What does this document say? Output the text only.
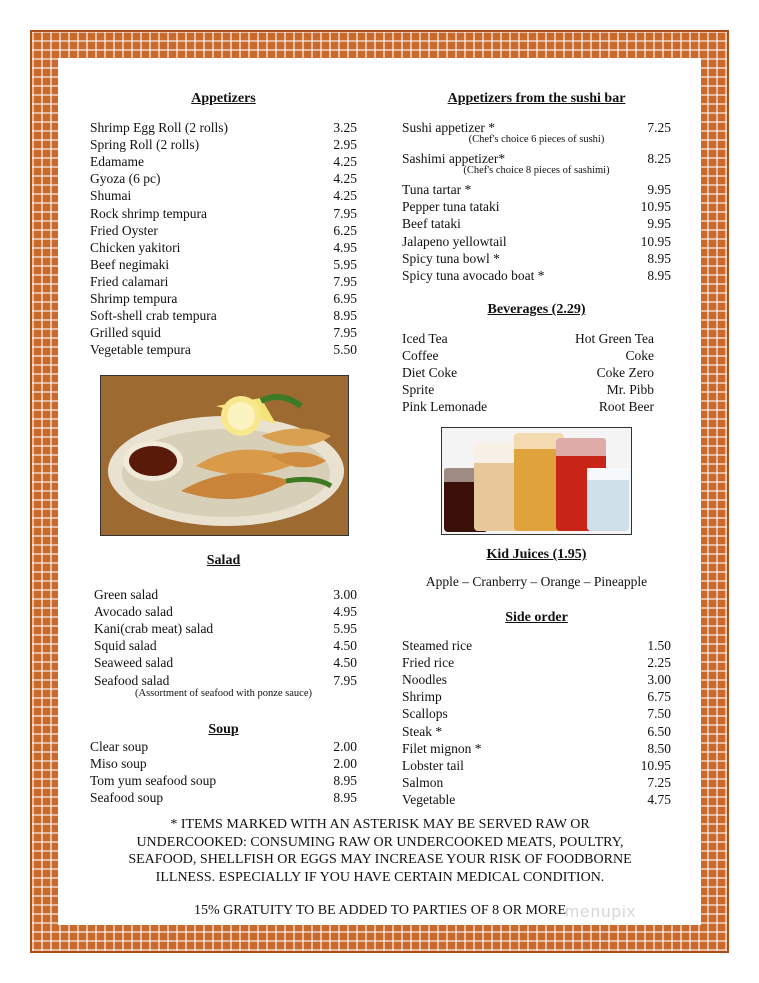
Appetizers
Shrimp Egg Roll (2 rolls)	3.25
Spring Roll (2 rolls)	2.95
Edamame	4.25
Gyoza (6 pc)	4.25
Shumai	4.25
Rock shrimp tempura	7.95
Fried Oyster	6.25
Chicken yakitori	4.95
Beef negimaki	5.95
Fried calamari	7.95
Shrimp tempura	6.95
Soft-shell crab tempura	8.95
Grilled squid	7.95
Vegetable tempura	5.50
Salad
Green salad	3.00
Avocado salad	4.95
Kani(crab meat) salad	5.95
Squid salad	4.50
Seaweed salad	4.50
Seafood salad	7.95
(Assortment of seafood with ponze sauce)
Soup
Clear soup	2.00
Miso soup	2.00
Tom yum seafood soup	8.95
Seafood soup	8.95
Appetizers from the sushi bar
Sushi appetizer *	7.25
(Chef's choice 6 pieces of sushi)
Sashimi appetizer*	8.25
(Chef's choice 8 pieces of sashimi)
Tuna tartar *	9.95
Pepper tuna tataki	10.95
Beef tataki	9.95
Jalapeno yellowtail	10.95
Spicy tuna bowl *	8.95
Spicy tuna avocado boat *	8.95
Beverages (2.29)
Iced Tea	Hot Green Tea
Coffee	Coke
Diet Coke	Coke Zero
Sprite	Mr. Pibb
Pink Lemonade	Root Beer
Kid Juices (1.95)
Apple – Cranberry – Orange – Pineapple
Side order
Steamed rice	1.50
Fried rice	2.25
Noodles	3.00
Shrimp	6.75
Scallops	7.50
Steak *	6.50
Filet mignon *	8.50
Lobster tail	10.95
Salmon	7.25
Vegetable	4.75
* ITEMS MARKED WITH AN ASTERISK MAY BE SERVED RAW OR
UNDERCOOKED: CONSUMING RAW OR UNDERCOOKED MEATS, POULTRY,
SEAFOOD, SHELLFISH OR EGGS MAY INCREASE YOUR RISK OF FOODBORNE
ILLNESS. ESPECIALLY IF YOU HAVE CERTAIN MEDICAL CONDITION.
15% GRATUITY TO BE ADDED TO PARTIES OF 8 OR MORE menupix
